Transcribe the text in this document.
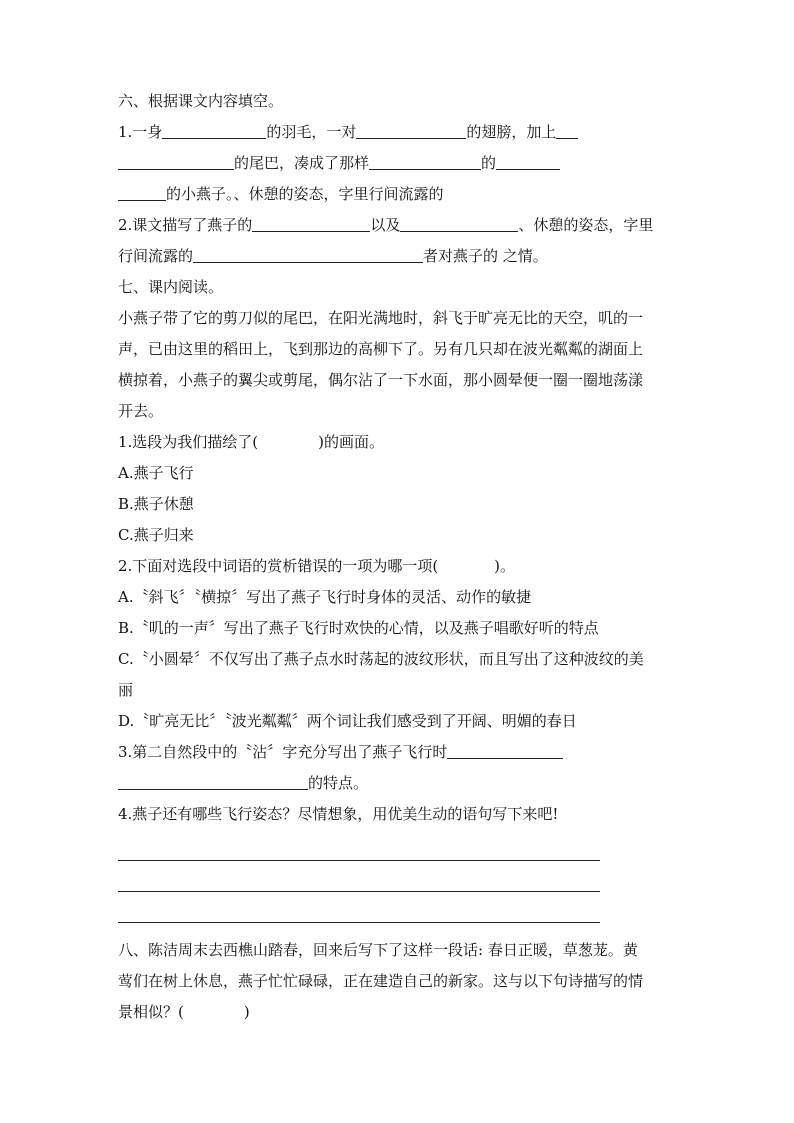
六、根据课文内容填空。
1.一身	的羽毛，一对	的翅膀，加上
的尾巴，凑成了那样	的
的小燕子。、休憩的姿态，字里行间流露的
2.课文描写了燕子的	以及	、休憩的姿态，字里
行间流露的	者对燕子的 之情。
七、课内阅读。
小燕子带了它的剪刀似的尾巴，在阳光满地时，斜飞于旷亮无比的天空，叽的一
声，已由这里的稻田上，飞到那边的高柳下了。另有几只却在波光粼粼的湖面上
横掠着，小燕子的翼尖或剪尾，偶尔沾了一下水面，那小圆晕便一圈一圈地荡漾
开去。
1.选段为我们描绘了(	)的画面。
A.燕子飞行
B.燕子休憩
C.燕子归来
2.下面对选段中词语的赏析错误的一项为哪一项(	)。
A.〝斜飞〞〝横掠〞写出了燕子飞行时身体的灵活、动作的敏捷
B.〝叽的一声〞写出了燕子飞行时欢快的心情，以及燕子唱歌好听的特点
C.〝小圆晕〞不仅写出了燕子点水时荡起的波纹形状，而且写出了这种波纹的美
丽
D.〝旷亮无比〞〝波光粼粼〞两个词让我们感受到了开阔、明媚的春日
3.第二自然段中的〝沾〞字充分写出了燕子飞行时
的特点。
4.燕子还有哪些飞行姿态？尽情想象，用优美生动的语句写下来吧!
八、陈洁周末去西樵山踏春，回来后写下了这样一段话: 春日正暖，草葱茏。黄
莺们在树上休息，燕子忙忙碌碌，正在建造自己的新家。这与以下句诗描写的情
景相似？(	)
